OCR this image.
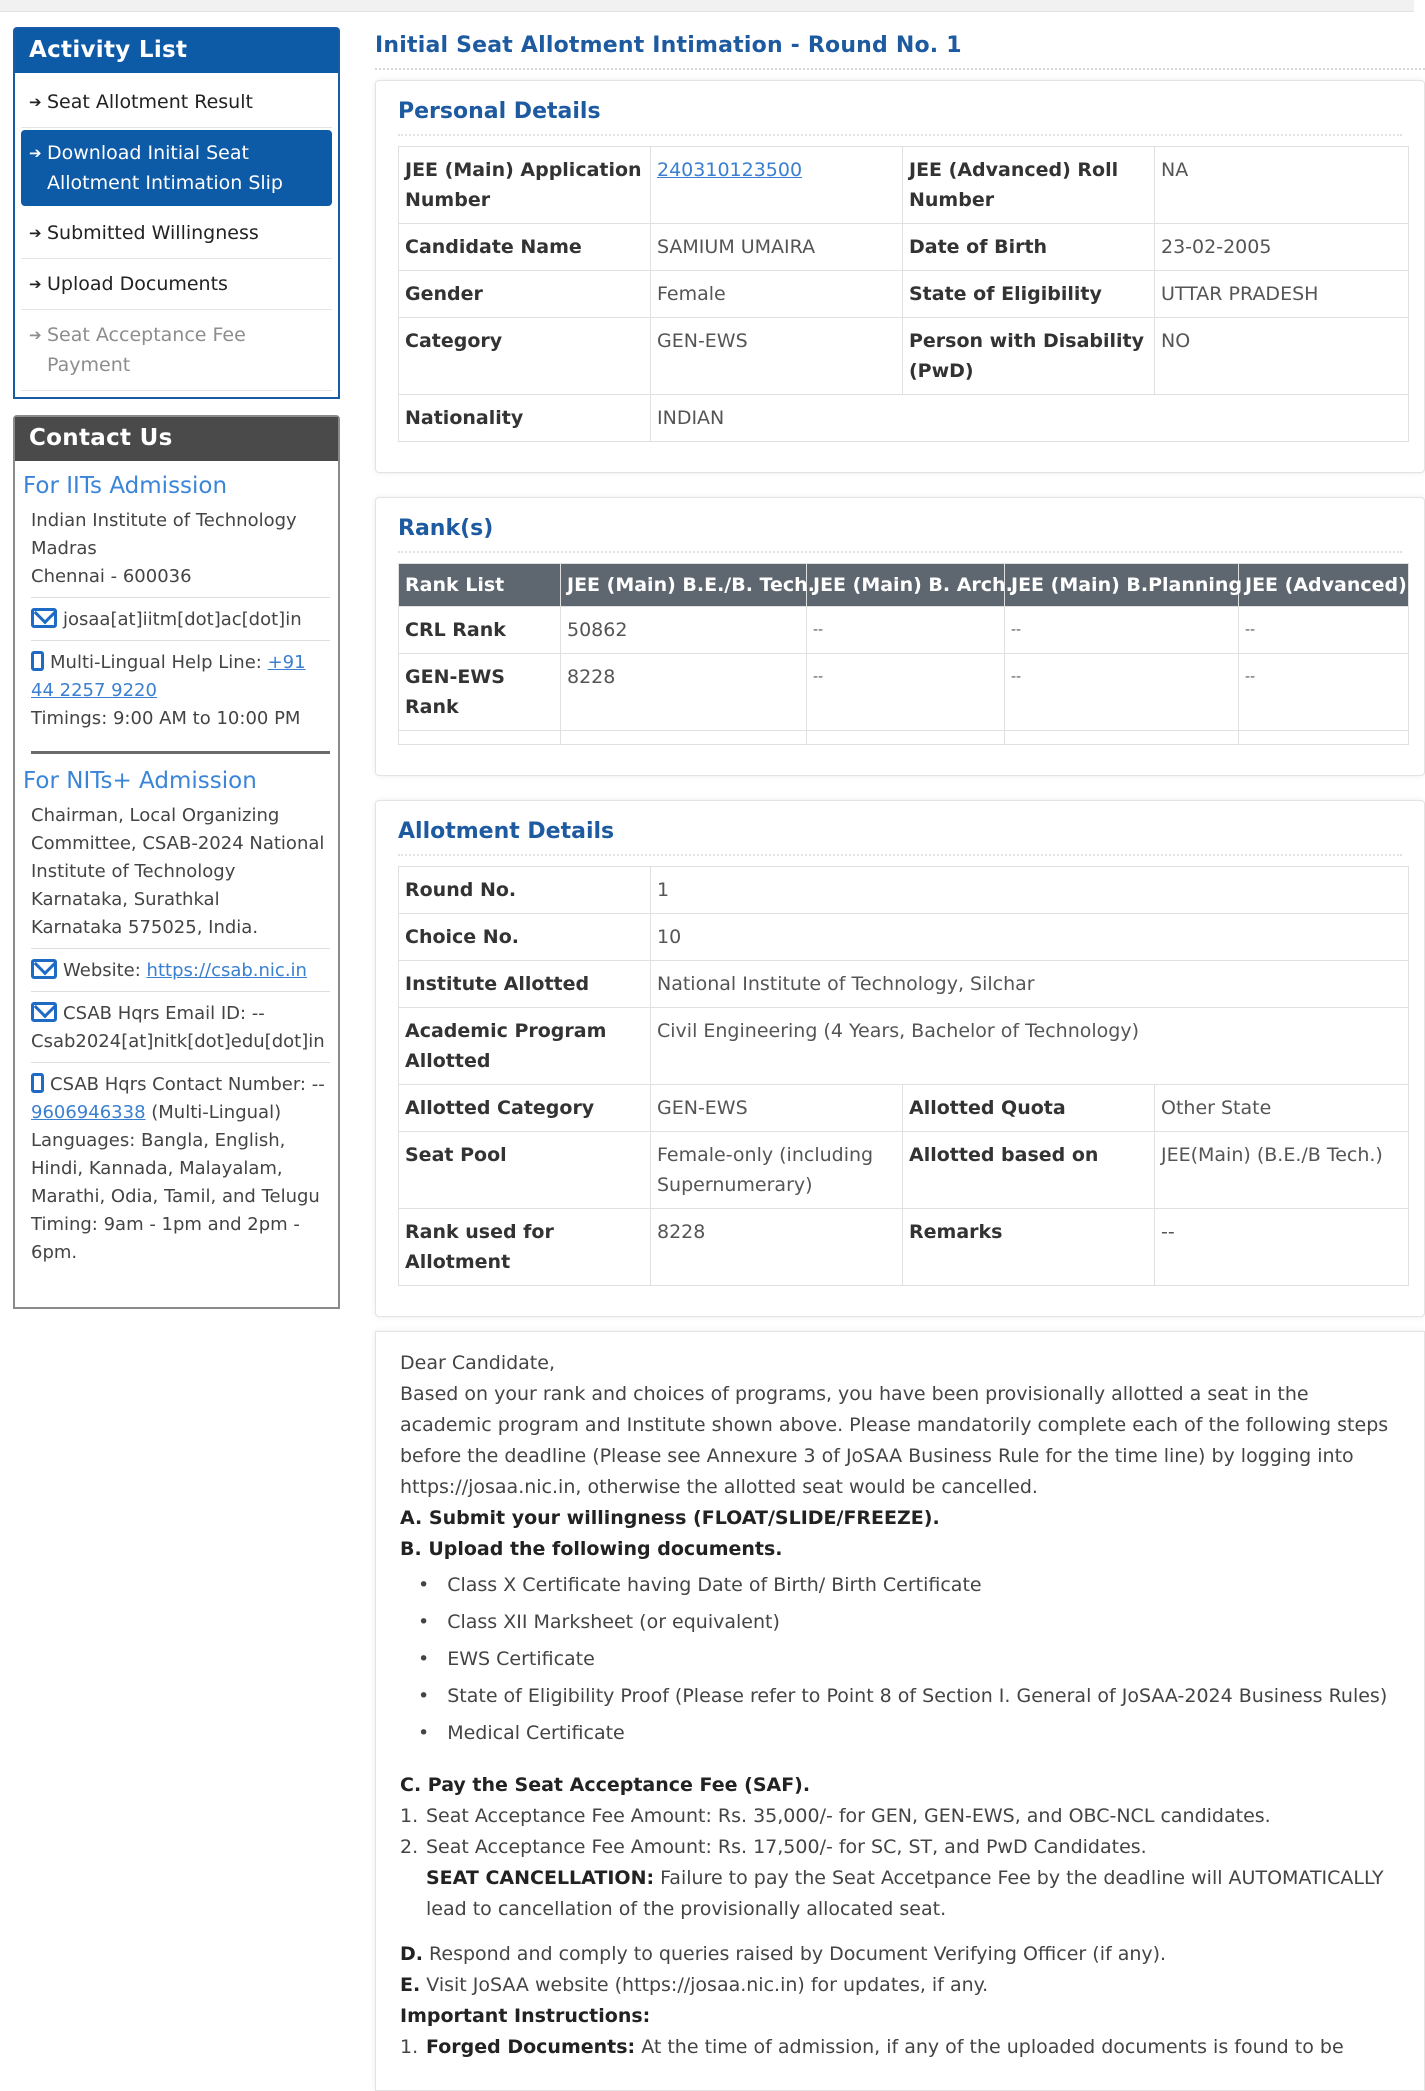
Activity List
➔ Seat Allotment Result
➔ Download Initial Seat Allotment Intimation Slip
➔ Submitted Willingness
➔ Upload Documents
➔ Seat Acceptance Fee Payment
Contact Us
For IITs Admission
Indian Institute of Technology
Madras
Chennai - 600036
josaa[at]iitm[dot]ac[dot]in
Multi-Lingual Help Line: +91 44 2257 9220
Timings: 9:00 AM to 10:00 PM
For NITs+ Admission
Chairman, Local Organizing
Committee, CSAB-2024 National
Institute of Technology
Karnataka, Surathkal
Karnataka 575025, India.
Website: https://csab.nic.in
CSAB Hqrs Email ID: --
Csab2024[at]nitk[dot]edu[dot]in
CSAB Hqrs Contact Number: --
9606946338 (Multi-Lingual)
Languages: Bangla, English, Hindi, Kannada, Malayalam, Marathi, Odia, Tamil, and Telugu
Timing: 9am - 1pm and 2pm - 6pm.
Initial Seat Allotment Intimation - Round No. 1
Personal Details
JEE (Main) Application Number	240310123500	JEE (Advanced) Roll Number	NA
Candidate Name	SAMIUM UMAIRA	Date of Birth	23-02-2005
Gender	Female	State of Eligibility	UTTAR PRADESH
Category	GEN-EWS	Person with Disability (PwD)	NO
Nationality	INDIAN		
Rank(s)
Rank List	JEE (Main) B.E./B. Tech.	JEE (Main) B. Arch.	JEE (Main) B.Planning	JEE (Advanced)
CRL Rank	50862	--	--	--
GEN-EWS Rank	8228	--	--	--

Allotment Details
Round No.	1		
Choice No.	10		
Institute Allotted	National Institute of Technology, Silchar		
Academic Program Allotted	Civil Engineering (4 Years, Bachelor of Technology)		
Allotted Category	GEN-EWS	Allotted Quota	Other State
Seat Pool	Female-only (including Supernumerary)	Allotted based on	JEE(Main) (B.E./B Tech.)
Rank used for Allotment	8228	Remarks	--

Dear Candidate,

Based on your rank and choices of programs, you have been provisionally allotted a seat in the academic program and Institute shown above. Please mandatorily complete each of the following steps before the deadline (Please see Annexure 3 of JoSAA Business Rule for the time line) by logging into https://josaa.nic.in, otherwise the allotted seat would be cancelled.

A. Submit your willingness (FLOAT/SLIDE/FREEZE).

B. Upload the following documents.

• Class X Certificate having Date of Birth/ Birth Certificate
• Class XII Marksheet (or equivalent)
• EWS Certificate
• State of Eligibility Proof (Please refer to Point 8 of Section I. General of JoSAA-2024 Business Rules)
• Medical Certificate

C. Pay the Seat Acceptance Fee (SAF).

1. Seat Acceptance Fee Amount: Rs. 35,000/- for GEN, GEN-EWS, and OBC-NCL candidates.
2. Seat Acceptance Fee Amount: Rs. 17,500/- for SC, ST, and PwD Candidates.

SEAT CANCELLATION: Failure to pay the Seat Accetpance Fee by the deadline will AUTOMATICALLY lead to cancellation of the provisionally allocated seat.

D. Respond and comply to queries raised by Document Verifying Officer (if any).

E. Visit JoSAA website (https://josaa.nic.in) for updates, if any.

Important Instructions:

1. Forged Documents: At the time of admission, if any of the uploaded documents is found to be
